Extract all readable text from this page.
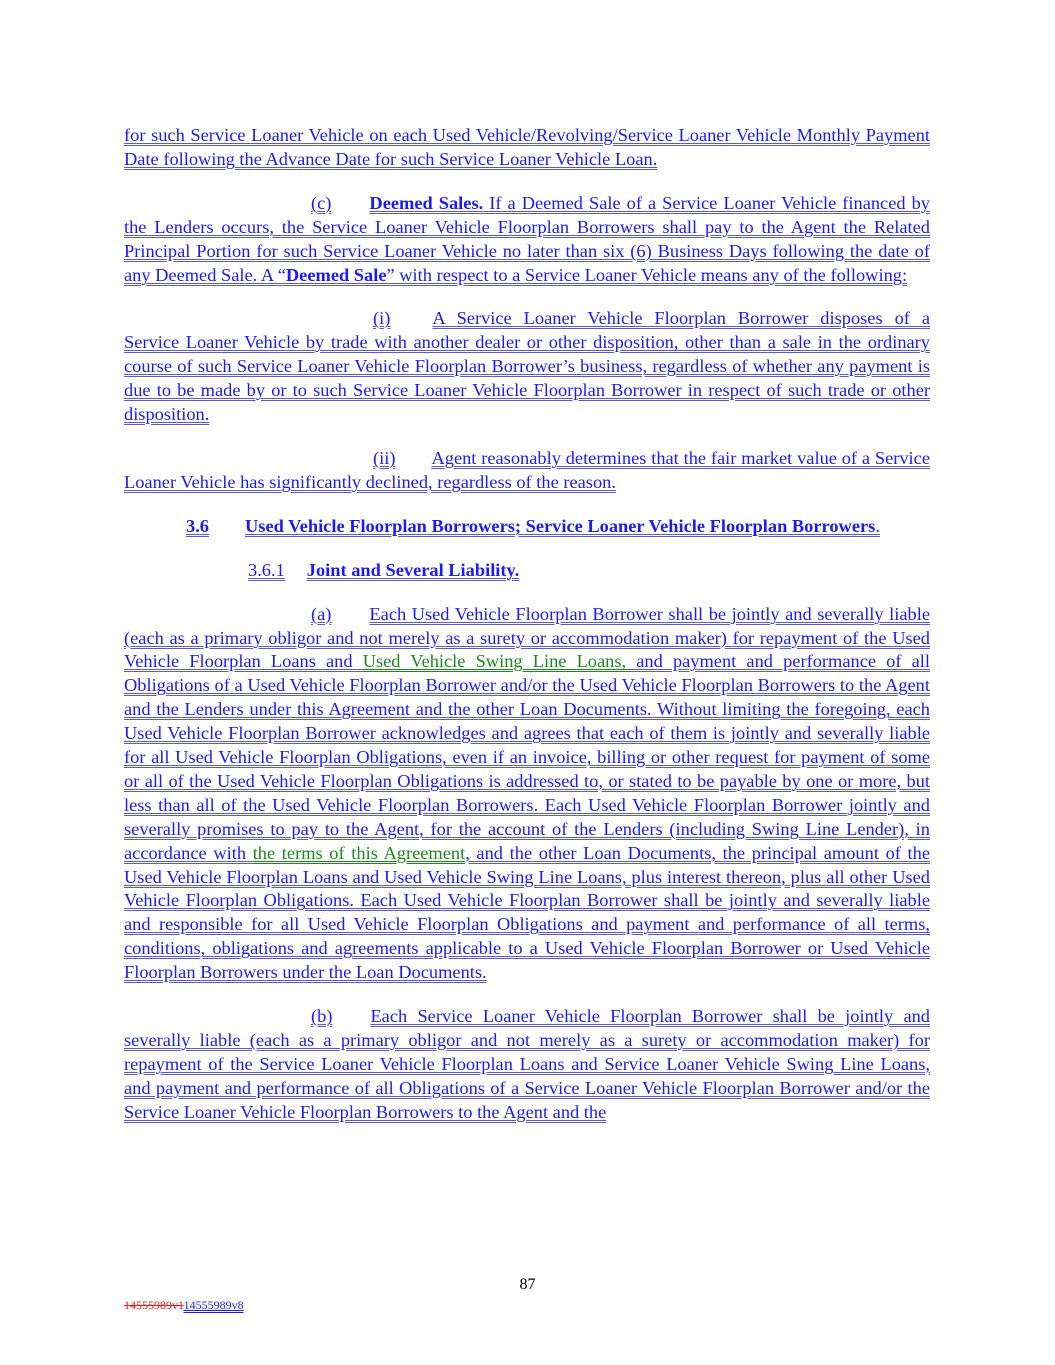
for such Service Loaner Vehicle on each Used Vehicle/Revolving/Service Loaner Vehicle Monthly Payment Date following the Advance Date for such Service Loaner Vehicle Loan.

(c) Deemed Sales. If a Deemed Sale of a Service Loaner Vehicle financed by the Lenders occurs, the Service Loaner Vehicle Floorplan Borrowers shall pay to the Agent the Related Principal Portion for such Service Loaner Vehicle no later than six (6) Business Days following the date of any Deemed Sale. A “Deemed Sale” with respect to a Service Loaner Vehicle means any of the following:

(i) A Service Loaner Vehicle Floorplan Borrower disposes of a Service Loaner Vehicle by trade with another dealer or other disposition, other than a sale in the ordinary course of such Service Loaner Vehicle Floorplan Borrower’s business, regardless of whether any payment is due to be made by or to such Service Loaner Vehicle Floorplan Borrower in respect of such trade or other disposition.

(ii) Agent reasonably determines that the fair market value of a Service Loaner Vehicle has significantly declined, regardless of the reason.

3.6 Used Vehicle Floorplan Borrowers; Service Loaner Vehicle Floorplan Borrowers.

3.6.1 Joint and Several Liability.

(a) Each Used Vehicle Floorplan Borrower shall be jointly and severally liable (each as a primary obligor and not merely as a surety or accommodation maker) for repayment of the Used Vehicle Floorplan Loans and Used Vehicle Swing Line Loans, and payment and performance of all Obligations of a Used Vehicle Floorplan Borrower and/or the Used Vehicle Floorplan Borrowers to the Agent and the Lenders under this Agreement and the other Loan Documents. Without limiting the foregoing, each Used Vehicle Floorplan Borrower acknowledges and agrees that each of them is jointly and severally liable for all Used Vehicle Floorplan Obligations, even if an invoice, billing or other request for payment of some or all of the Used Vehicle Floorplan Obligations is addressed to, or stated to be payable by one or more, but less than all of the Used Vehicle Floorplan Borrowers. Each Used Vehicle Floorplan Borrower jointly and severally promises to pay to the Agent, for the account of the Lenders (including Swing Line Lender), in accordance with the terms of this Agreement, and the other Loan Documents, the principal amount of the Used Vehicle Floorplan Loans and Used Vehicle Swing Line Loans, plus interest thereon, plus all other Used Vehicle Floorplan Obligations. Each Used Vehicle Floorplan Borrower shall be jointly and severally liable and responsible for all Used Vehicle Floorplan Obligations and payment and performance of all terms, conditions, obligations and agreements applicable to a Used Vehicle Floorplan Borrower or Used Vehicle Floorplan Borrowers under the Loan Documents.

(b) Each Service Loaner Vehicle Floorplan Borrower shall be jointly and severally liable (each as a primary obligor and not merely as a surety or accommodation maker) for repayment of the Service Loaner Vehicle Floorplan Loans and Service Loaner Vehicle Swing Line Loans, and payment and performance of all Obligations of a Service Loaner Vehicle Floorplan Borrower and/or the Service Loaner Vehicle Floorplan Borrowers to the Agent and the

87
14555989v114555989v8
